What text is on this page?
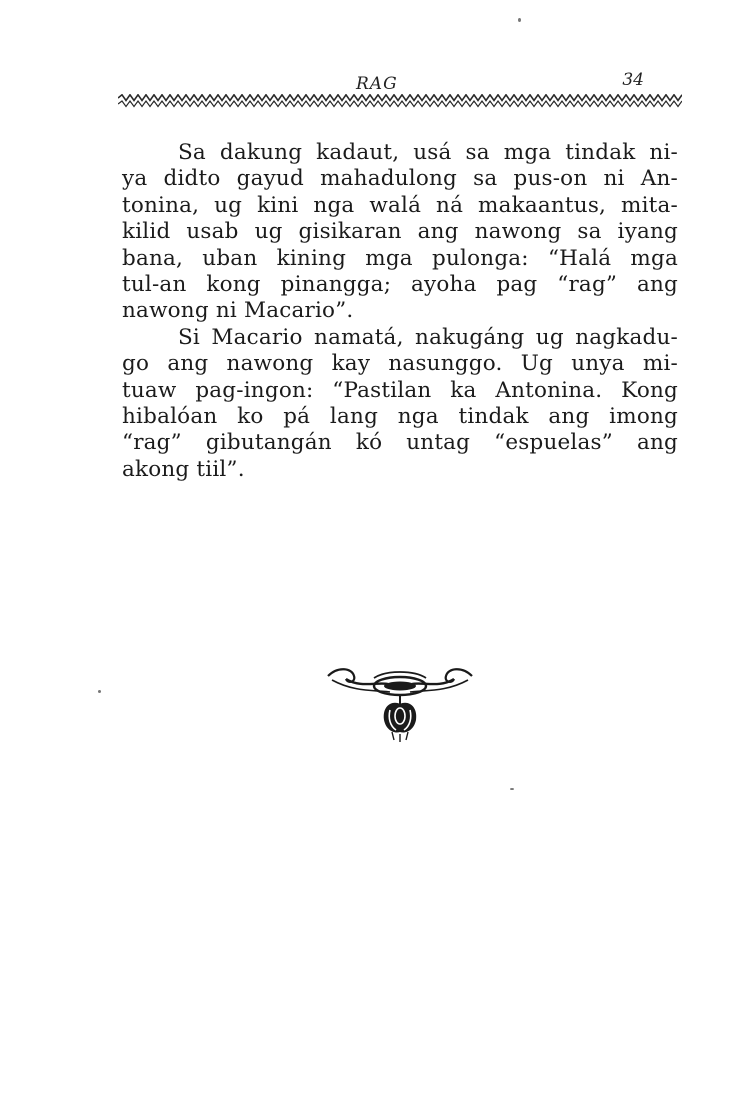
RAG	34
Sa dakung kadaut, usá sa mga tindak ni-
ya didto gayud mahadulong sa pus-on ni An-
tonina, ug kini nga walá ná makaantus, mita-
kilid usab ug gisikaran ang nawong sa iyang
bana, uban kining mga pulonga: “Halá mga
tul-an kong pinangga; ayoha pag “rag” ang
nawong ni Macario”.
Si Macario namatá, nakugáng ug nagkadu-
go ang nawong kay nasunggo. Ug unya mi-
tuaw pag-ingon: “Pastilan ka Antonina. Kong
hibalóan ko pá lang nga tindak ang imong
“rag” gibutangán kó untag “espuelas” ang
akong tiil”.
